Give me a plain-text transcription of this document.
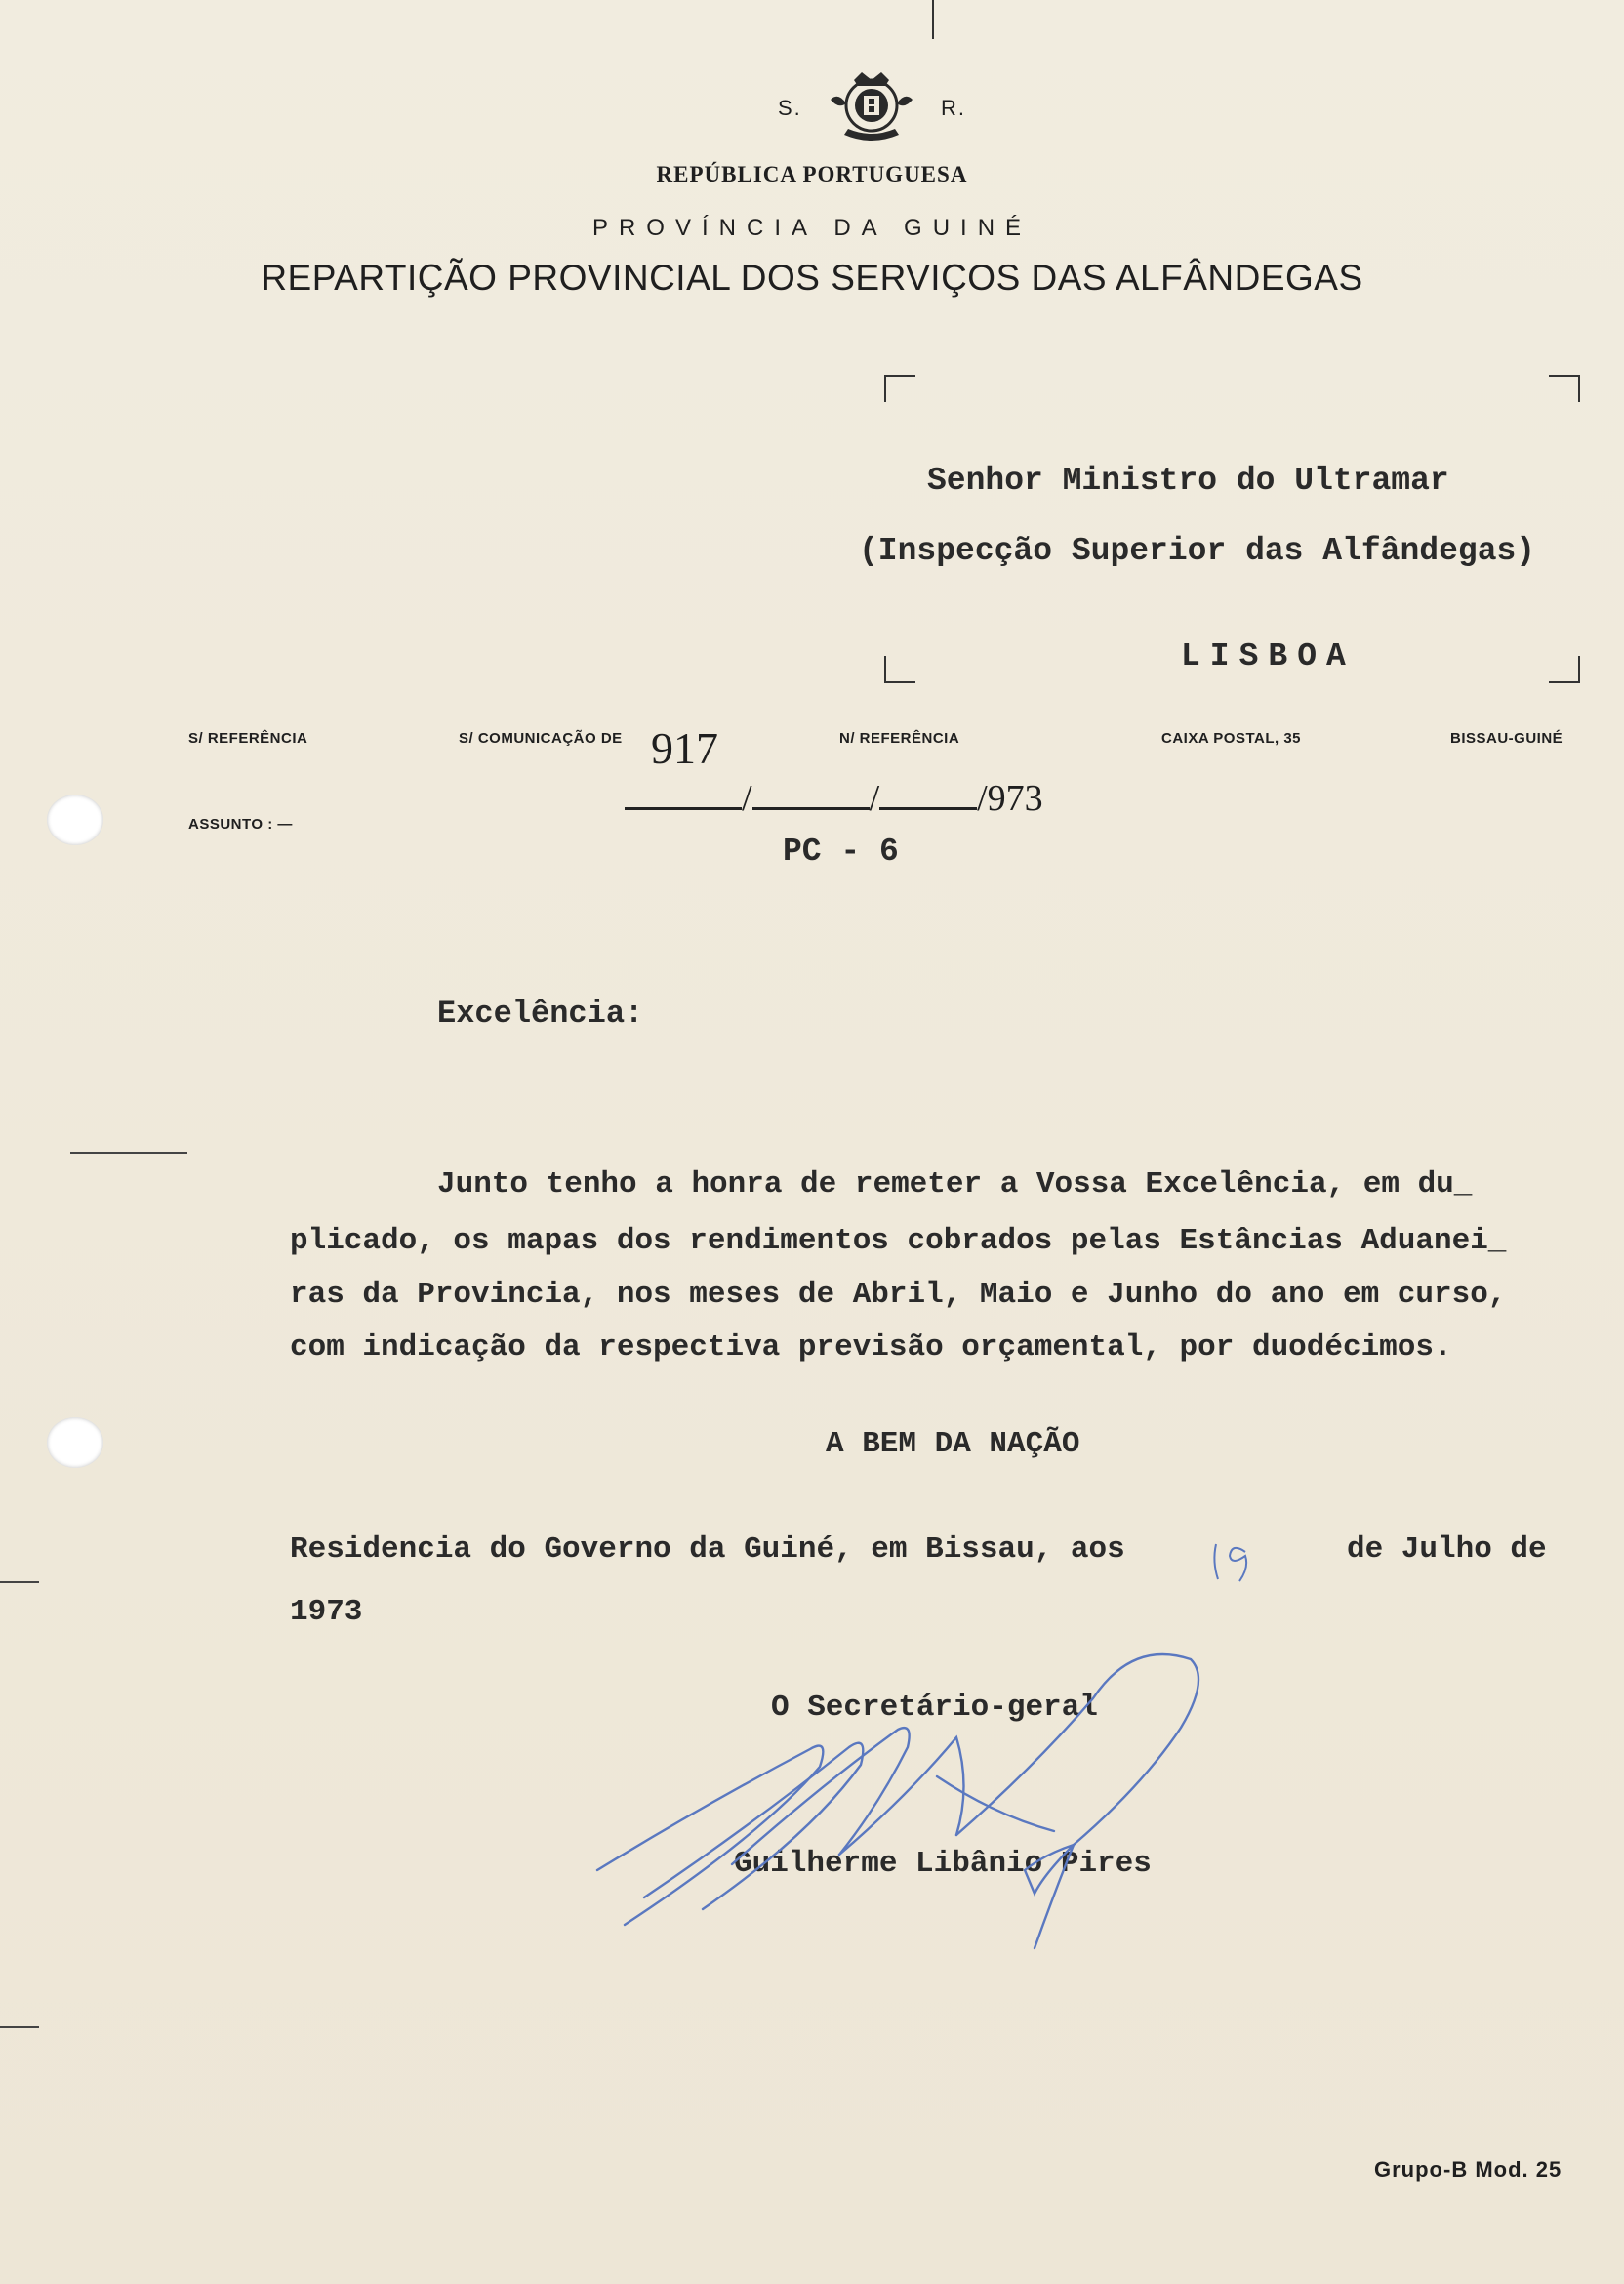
S.	R.
REPÚBLICA PORTUGUESA
PROVÍNCIA DA GUINÉ
REPARTIÇÃO PROVINCIAL DOS SERVIÇOS DAS ALFÂNDEGAS
Senhor Ministro do Ultramar
(Inspecção Superior das Alfândegas)
LISBOA
S/ REFERÊNCIA	S/ COMUNICAÇÃO DE 917	N/ REFERÊNCIA	CAIXA POSTAL, 35	BISSAU-GUINÉ
ASSUNTO : —
/	/	/973
PC - 6
Excelência:
Junto tenho a honra de remeter a Vossa Excelência, em du_
plicado, os mapas dos rendimentos cobrados pelas Estâncias Aduanei_
ras da Provincia, nos meses de Abril, Maio e Junho do ano em curso,
com indicação da respectiva previsão orçamental, por duodécimos.
A BEM DA NAÇÃO
Residencia do Governo da Guiné, em Bissau, aos	de Julho de
1973
O Secretário-geral
Guilherme Libânio Pires
Grupo-B Mod. 25
